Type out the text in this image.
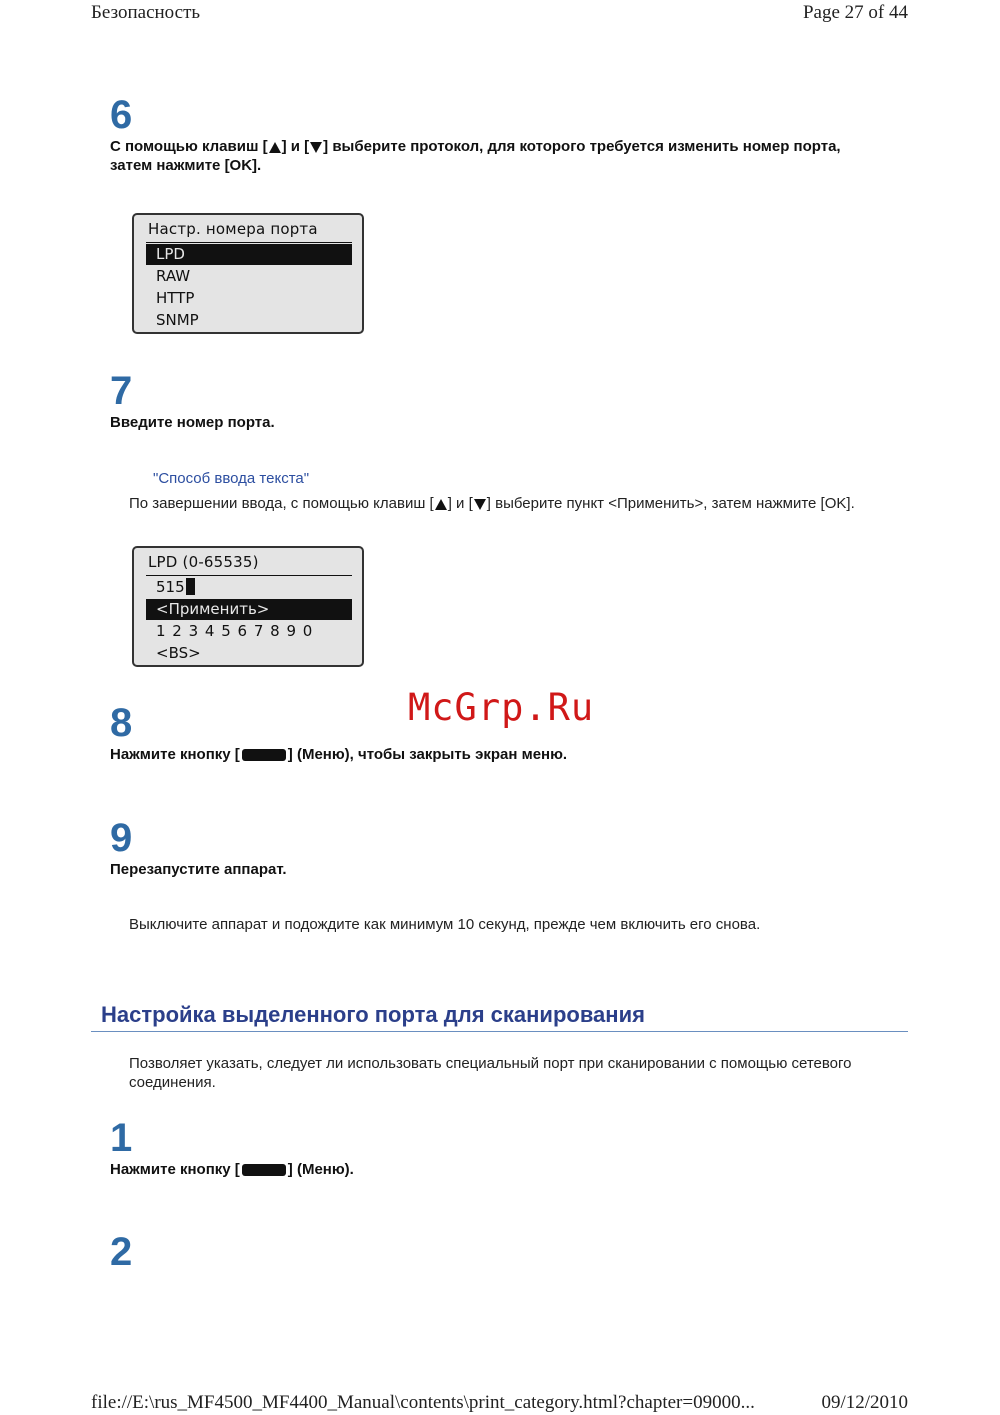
Безопасность	Page 27 of 44
6
С помощью клавиш [ ] и [ ] выберите протокол, для которого требуется изменить номер порта, затем нажмите [OK].
Настр. номера порта
LPD
RAW
HTTP
SNMP
7
Введите номер порта.
"Способ ввода текста"
По завершении ввода, с помощью клавиш [ ] и [ ] выберите пункт <Применить>, затем нажмите [OK].
LPD (0-65535)
515
<Применить>
1 2 3 4 5 6 7 8 9 0
<BS>
McGrp.Ru
8
Нажмите кнопку [	] (Меню), чтобы закрыть экран меню.
9
Перезапустите аппарат.
Выключите аппарат и подождите как минимум 10 секунд, прежде чем включить его снова.
Настройка выделенного порта для сканирования
Позволяет указать, следует ли использовать специальный порт при сканировании с помощью сетевого соединения.
1
Нажмите кнопку [	] (Меню).
2
file://E:\rus_MF4500_MF4400_Manual\contents\print_category.html?chapter=09000...	09/12/2010
